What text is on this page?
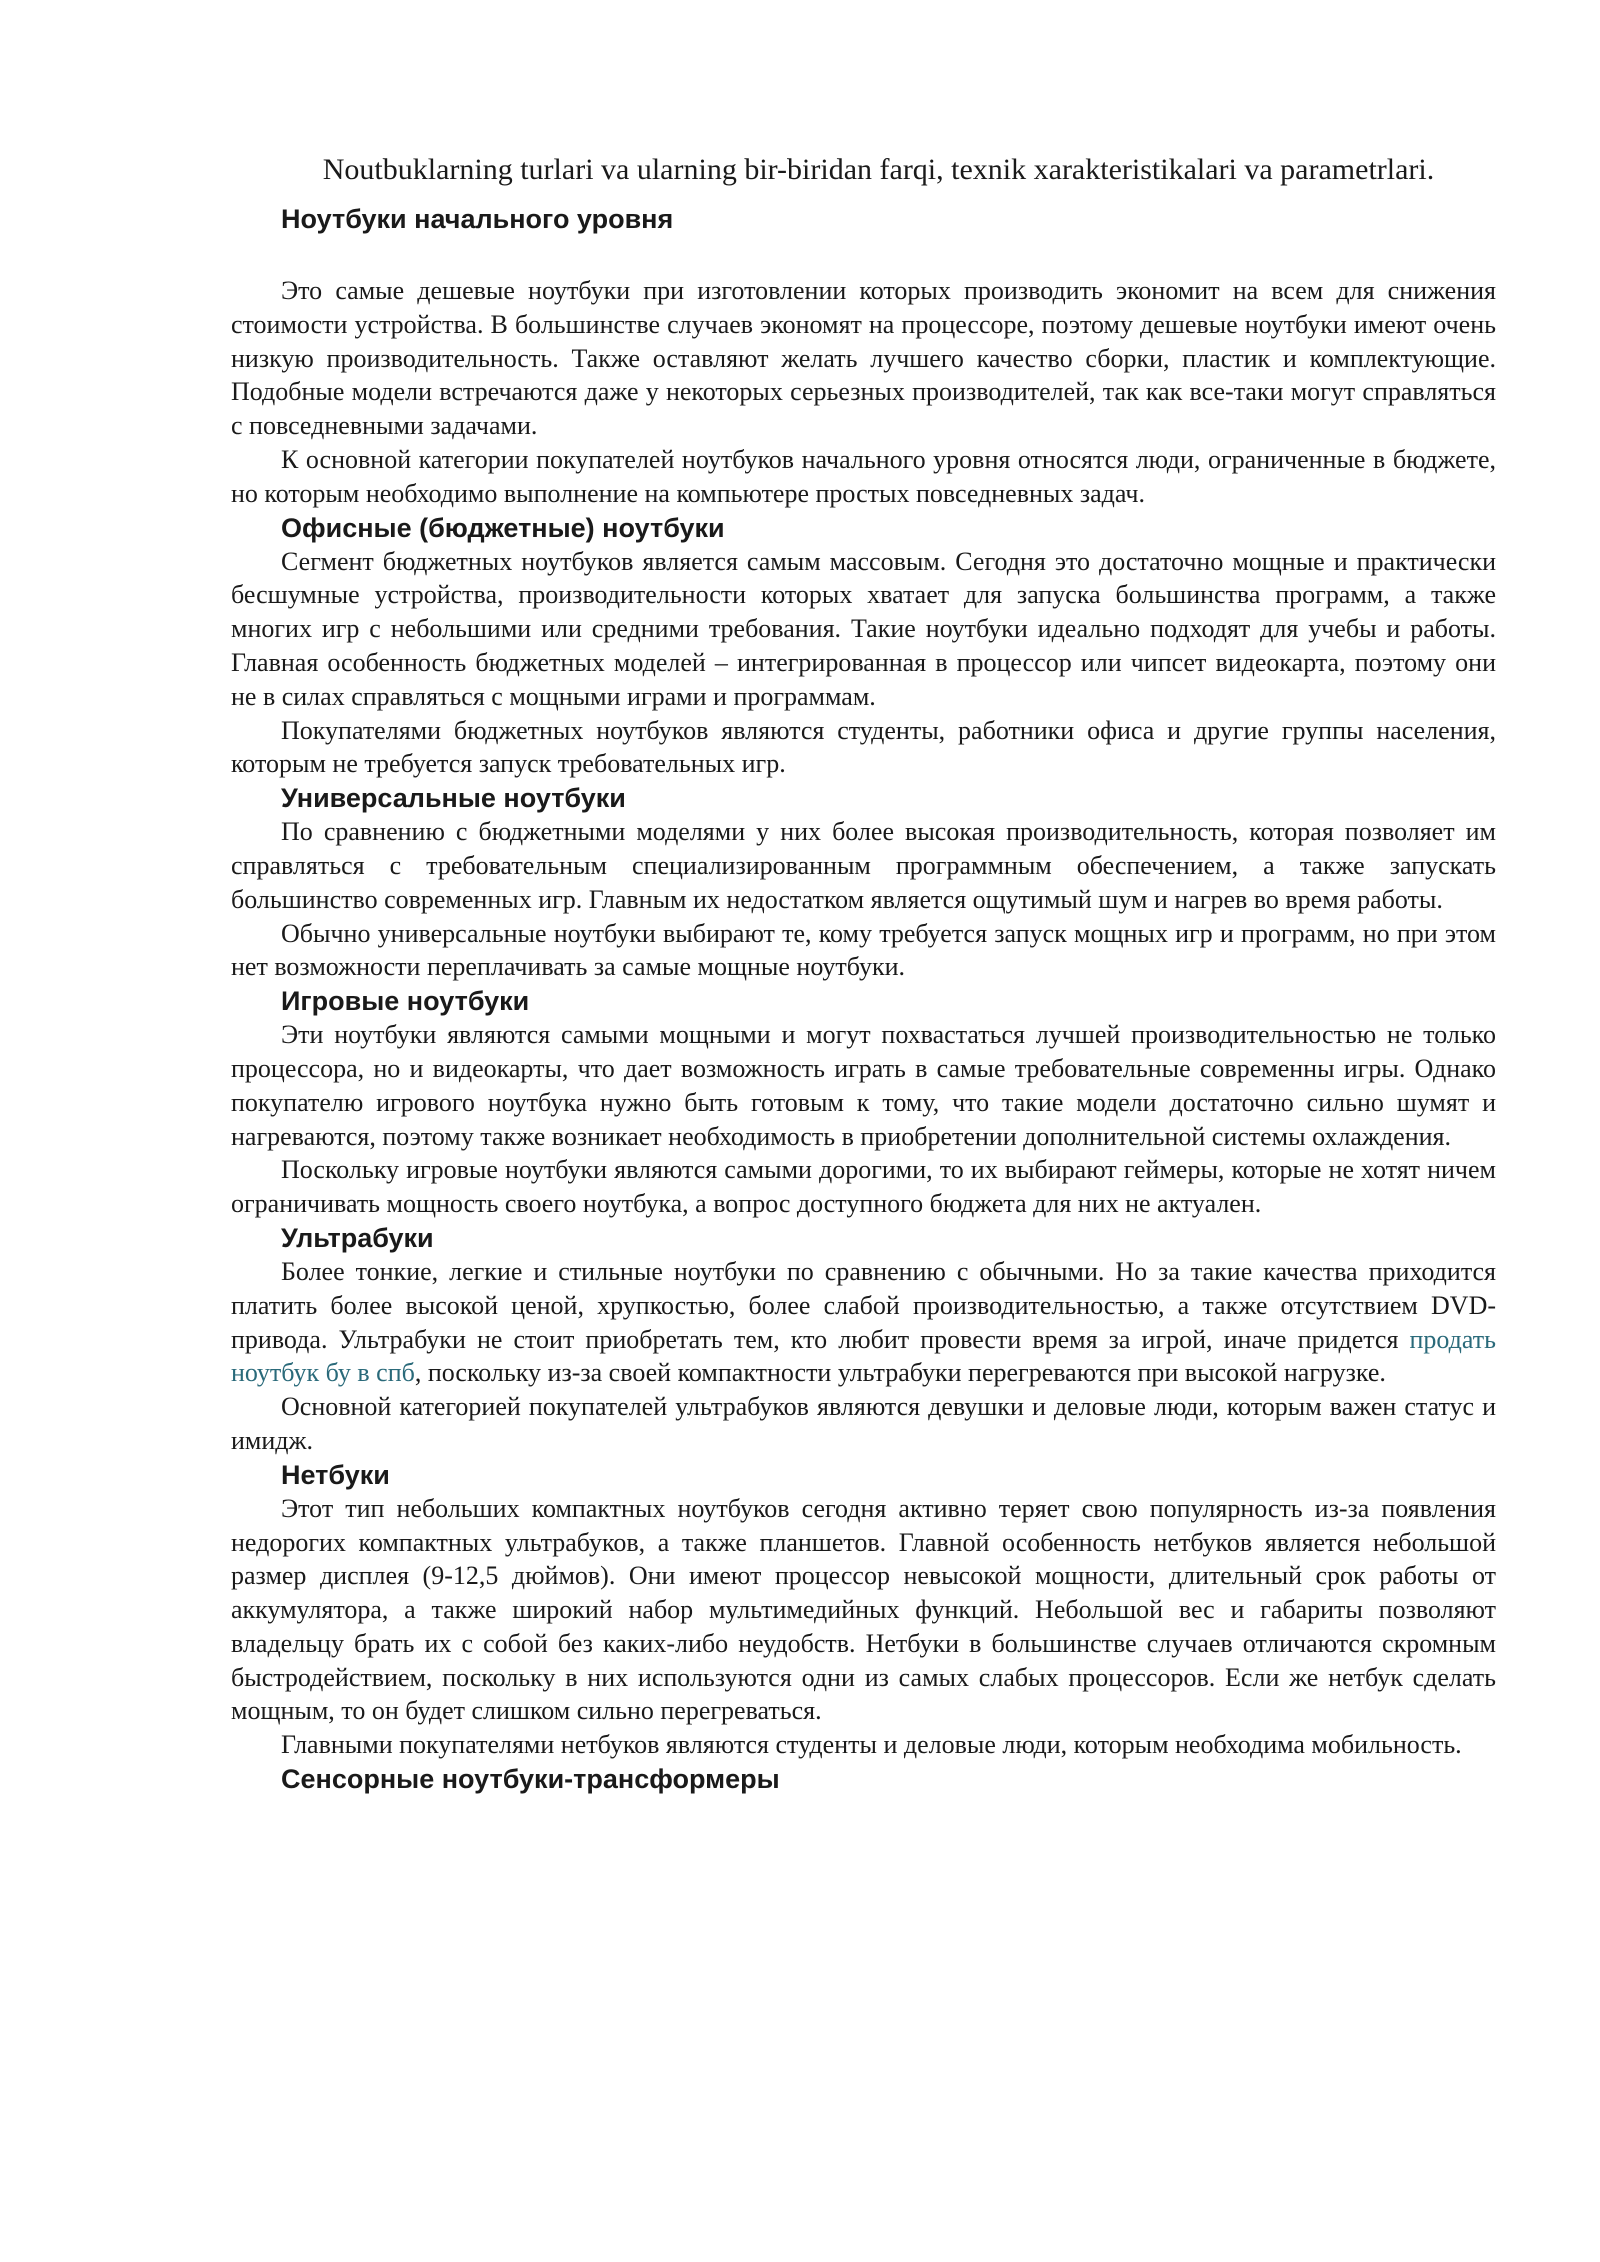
Noutbuklarning turlari va ularning bir-biridan farqi, texnik xarakteristikalari va parametrlari.
Ноутбуки начального уровня

Это самые дешевые ноутбуки при изготовлении которых производить экономит на всем для снижения стоимости устройства. В большинстве случаев экономят на процессоре, поэтому дешевые ноутбуки имеют очень низкую производительность. Также оставляют желать лучшего качество сборки, пластик и комплектующие. Подобные модели встречаются даже у некоторых серьезных производителей, так как все-таки могут справляться с повседневными задачами.

К основной категории покупателей ноутбуков начального уровня относятся люди, ограниченные в бюджете, но которым необходимо выполнение на компьютере простых повседневных задач.

Офисные (бюджетные) ноутбуки

Сегмент бюджетных ноутбуков является самым массовым. Сегодня это достаточно мощные и практически бесшумные устройства, производительности которых хватает для запуска большинства программ, а также многих игр с небольшими или средними требования. Такие ноутбуки идеально подходят для учебы и работы. Главная особенность бюджетных моделей – интегрированная в процессор или чипсет видеокарта, поэтому они не в силах справляться с мощными играми и программам.

Покупателями бюджетных ноутбуков являются студенты, работники офиса и другие группы населения, которым не требуется запуск требовательных игр.

Универсальные ноутбуки

По сравнению с бюджетными моделями у них более высокая производительность, которая позволяет им справляться с требовательным специализированным программным обеспечением, а также запускать большинство современных игр. Главным их недостатком является ощутимый шум и нагрев во время работы.

Обычно универсальные ноутбуки выбирают те, кому требуется запуск мощных игр и программ, но при этом нет возможности переплачивать за самые мощные ноутбуки.

Игровые ноутбуки

Эти ноутбуки являются самыми мощными и могут похвастаться лучшей производительностью не только процессора, но и видеокарты, что дает возможность играть в самые требовательные современны игры. Однако покупателю игрового ноутбука нужно быть готовым к тому, что такие модели достаточно сильно шумят и нагреваются, поэтому также возникает необходимость в приобретении дополнительной системы охлаждения.

Поскольку игровые ноутбуки являются самыми дорогими, то их выбирают геймеры, которые не хотят ничем ограничивать мощность своего ноутбука, а вопрос доступного бюджета для них не актуален.

Ультрабуки

Более тонкие, легкие и стильные ноутбуки по сравнению с обычными. Но за такие качества приходится платить более высокой ценой, хрупкостью, более слабой производительностью, а также отсутствием DVD-привода. Ультрабуки не стоит приобретать тем, кто любит провести время за игрой, иначе придется продать ноутбук бу в спб, поскольку из-за своей компактности ультрабуки перегреваются при высокой нагрузке.

Основной категорией покупателей ультрабуков являются девушки и деловые люди, которым важен статус и имидж.

Нетбуки

Этот тип небольших компактных ноутбуков сегодня активно теряет свою популярность из-за появления недорогих компактных ультрабуков, а также планшетов. Главной особенность нетбуков является небольшой размер дисплея (9-12,5 дюймов). Они имеют процессор невысокой мощности, длительный срок работы от аккумулятора, а также широкий набор мультимедийных функций. Небольшой вес и габариты позволяют владельцу брать их с собой без каких-либо неудобств. Нетбуки в большинстве случаев отличаются скромным быстродействием, поскольку в них используются одни из самых слабых процессоров. Если же нетбук сделать мощным, то он будет слишком сильно перегреваться.

Главными покупателями нетбуков являются студенты и деловые люди, которым необходима мобильность.

Сенсорные ноутбуки-трансформеры
